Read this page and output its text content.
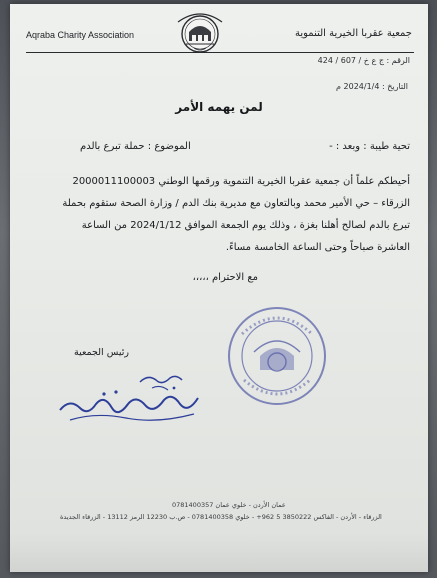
Aqraba Charity Association	جمعية عقربا الخيرية التنموية
الرقم : ج ع خ / 607 / 424
التاريخ : 2024/1/4 م
لمن يهمه الأمر
تحية طيبة : وبعد : -
الموضوع : حملة تبرع بالدم
أحيطكم علماً أن جمعية عقربا الخيرية التنموية ورقمها الوطني 2000011100003
الزرقاء – حي الأمير محمد وبالتعاون مع مديرية بنك الدم / وزارة الصحة ستقوم بحملة
تبرع بالدم لصالح أهلنا بغزة ، وذلك يوم الجمعة الموافق 2024/1/12 من الساعة
العاشرة صباحاً وحتى الساعة الخامسة مساءً.
مع الاحترام ،،،،،
رئيس الجمعية
عمان الأردن - خلوي عمان 0781400357
الزرقاء - الأردن - الفاكس 3850222 5 962+ - خلوي 0781400358 - ص.ب 12230 الرمز 13112 - الزرقاء الجديدة
